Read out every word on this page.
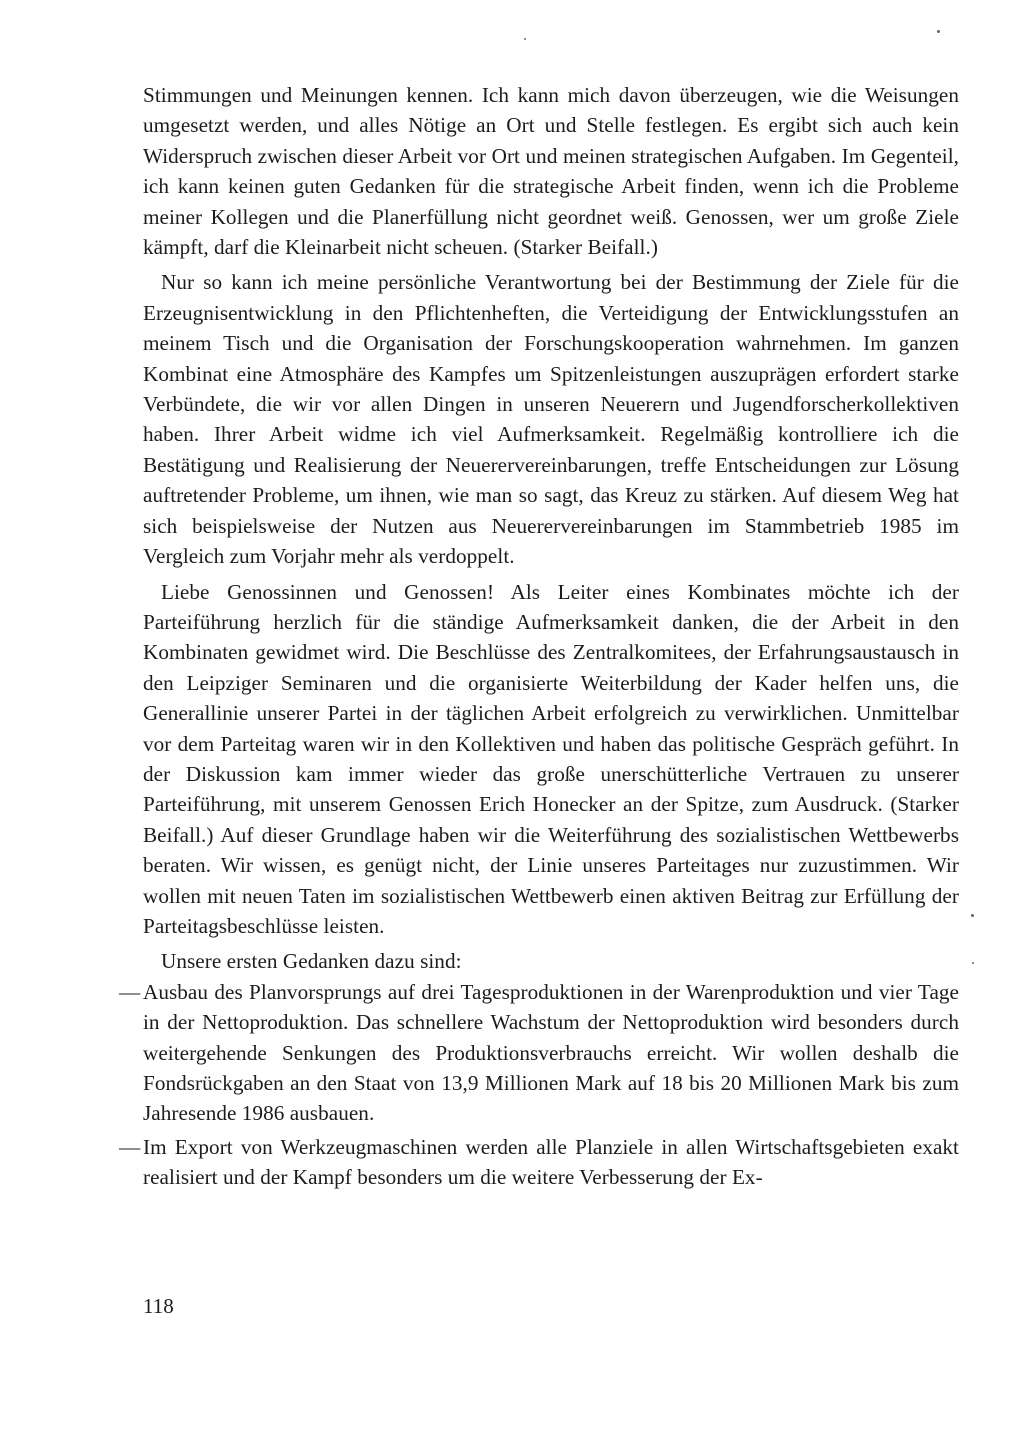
Stimmungen und Meinungen kennen. Ich kann mich davon überzeugen, wie die Weisungen umgesetzt werden, und alles Nötige an Ort und Stelle festlegen. Es ergibt sich auch kein Widerspruch zwischen dieser Arbeit vor Ort und meinen strategischen Aufgaben. Im Gegenteil, ich kann keinen guten Gedanken für die strategische Arbeit finden, wenn ich die Probleme meiner Kollegen und die Planerfüllung nicht geordnet weiß. Genossen, wer um große Ziele kämpft, darf die Kleinarbeit nicht scheuen. (Starker Beifall.)

Nur so kann ich meine persönliche Verantwortung bei der Bestimmung der Ziele für die Erzeugnisentwicklung in den Pflichtenheften, die Verteidigung der Entwicklungsstufen an meinem Tisch und die Organisation der Forschungskooperation wahrnehmen. Im ganzen Kombinat eine Atmosphäre des Kampfes um Spitzenleistungen auszuprägen erfordert starke Verbündete, die wir vor allen Dingen in unseren Neuerern und Jugendforscherkollektiven haben. Ihrer Arbeit widme ich viel Aufmerksamkeit. Regelmäßig kontrolliere ich die Bestätigung und Realisierung der Neuerervereinbarungen, treffe Entscheidungen zur Lösung auftretender Probleme, um ihnen, wie man so sagt, das Kreuz zu stärken. Auf diesem Weg hat sich beispielsweise der Nutzen aus Neuerervereinbarungen im Stammbetrieb 1985 im Vergleich zum Vorjahr mehr als verdoppelt.

Liebe Genossinnen und Genossen! Als Leiter eines Kombinates möchte ich der Parteiführung herzlich für die ständige Aufmerksamkeit danken, die der Arbeit in den Kombinaten gewidmet wird. Die Beschlüsse des Zentralkomitees, der Erfahrungsaustausch in den Leipziger Seminaren und die organisierte Weiterbildung der Kader helfen uns, die Generallinie unserer Partei in der täglichen Arbeit erfolgreich zu verwirklichen. Unmittelbar vor dem Parteitag waren wir in den Kollektiven und haben das politische Gespräch geführt. In der Diskussion kam immer wieder das große unerschütterliche Vertrauen zu unserer Parteiführung, mit unserem Genossen Erich Honecker an der Spitze, zum Ausdruck. (Starker Beifall.) Auf dieser Grundlage haben wir die Weiterführung des sozialistischen Wettbewerbs beraten. Wir wissen, es genügt nicht, der Linie unseres Parteitages nur zuzustimmen. Wir wollen mit neuen Taten im sozialistischen Wettbewerb einen aktiven Beitrag zur Erfüllung der Parteitagsbeschlüsse leisten.

Unsere ersten Gedanken dazu sind:

— Ausbau des Planvorsprungs auf drei Tagesproduktionen in der Warenproduktion und vier Tage in der Nettoproduktion. Das schnellere Wachstum der Nettoproduktion wird besonders durch weitergehende Senkungen des Produktionsverbrauchs erreicht. Wir wollen deshalb die Fondsrückgaben an den Staat von 13,9 Millionen Mark auf 18 bis 20 Millionen Mark bis zum Jahresende 1986 ausbauen.
— Im Export von Werkzeugmaschinen werden alle Planziele in allen Wirtschaftsgebieten exakt realisiert und der Kampf besonders um die weitere Verbesserung der Ex-
118
